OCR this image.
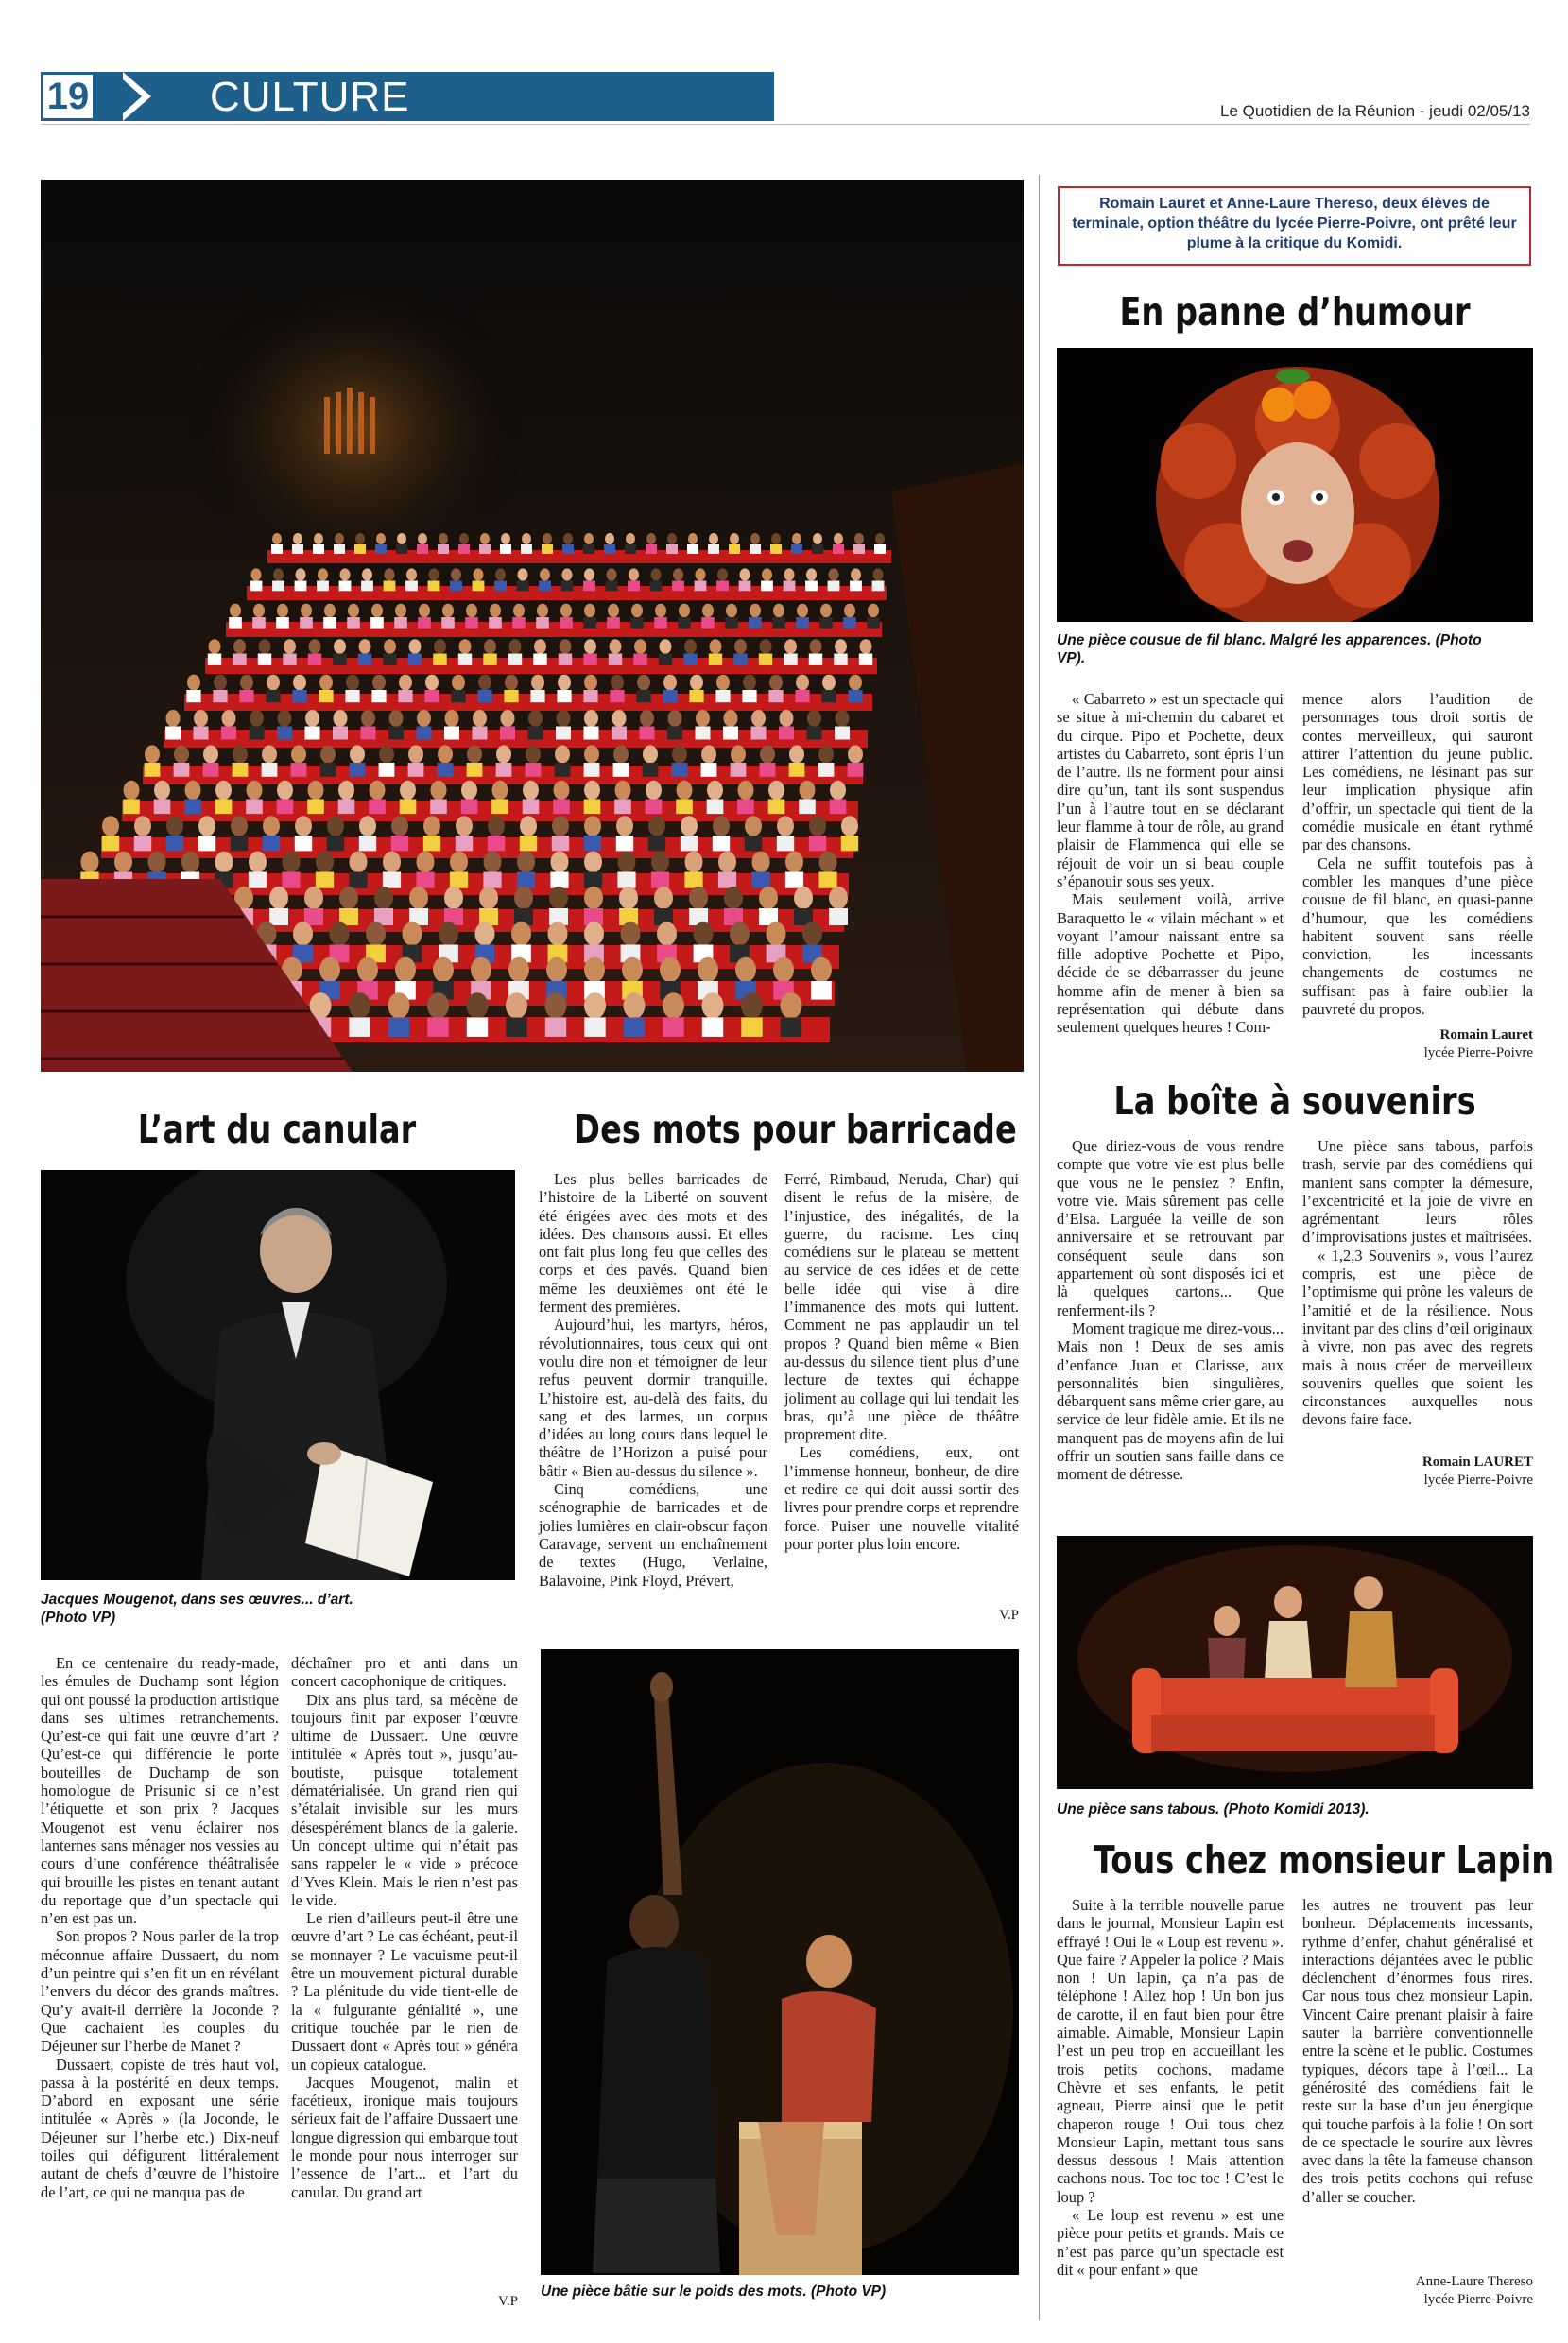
19	CULTURE	Le Quotidien de la Réunion - jeudi 02/05/13
L’art du canular
Jacques Mougenot, dans ses œuvres... d’art. (Photo VP)

En ce centenaire du ready-made, les émules de Duchamp sont légion qui ont poussé la production artistique dans ses ultimes retranchements. Qu’est-ce qui fait une œuvre d’art ? Qu’est-ce qui différencie le porte bouteilles de Duchamp de son homologue de Prisunic si ce n’est l’étiquette et son prix ? Jacques Mougenot est venu éclairer nos lanternes sans ménager nos vessies au cours d’une conférence théâtralisée qui brouille les pistes en tenant autant du reportage que d’un spectacle qui n’en est pas un.

Son propos ? Nous parler de la trop méconnue affaire Dussaert, du nom d’un peintre qui s’en fit un en révélant l’envers du décor des grands maîtres. Qu’y avait-il derrière la Joconde ? Que cachaient les couples du Déjeuner sur l’herbe de Manet ?

Dussaert, copiste de très haut vol, passa à la postérité en deux temps. D’abord en exposant une série intitulée « Après » (la Joconde, le Déjeuner sur l’herbe etc.) Dix-neuf toiles qui défigurent littéralement autant de chefs d’œuvre de l’histoire de l’art, ce qui ne manqua pas de

déchaîner pro et anti dans un concert cacophonique de critiques.

Dix ans plus tard, sa mécène de toujours finit par exposer l’œuvre ultime de Dussaert. Une œuvre intitulée « Après tout », jusqu’au-boutiste, puisque totalement dématérialisée. Un grand rien qui s’étalait invisible sur les murs désespérément blancs de la galerie. Un concept ultime qui n’était pas sans rappeler le « vide » précoce d’Yves Klein. Mais le rien n’est pas le vide.

Le rien d’ailleurs peut-il être une œuvre d’art ? Le cas échéant, peut-il se monnayer ? Le vacuisme peut-il être un mouvement pictural durable ? La plénitude du vide tient-elle de la « fulgurante génialité », une critique touchée par le rien de Dussaert dont « Après tout » généra un copieux catalogue.

Jacques Mougenot, malin et facétieux, ironique mais toujours sérieux fait de l’affaire Dussaert une longue digression qui embarque tout le monde pour nous interroger sur l’essence de l’art... et l’art du canular. Du grand art

V.P
Des mots pour barricade

Les plus belles barricades de l’histoire de la Liberté on souvent été érigées avec des mots et des idées. Des chansons aussi. Et elles ont fait plus long feu que celles des corps et des pavés. Quand bien même les deuxièmes ont été le ferment des premières.

Aujourd’hui, les martyrs, héros, révolutionnaires, tous ceux qui ont voulu dire non et témoigner de leur refus peuvent dormir tranquille. L’histoire est, au-delà des faits, du sang et des larmes, un corpus d’idées au long cours dans lequel le théâtre de l’Horizon a puisé pour bâtir « Bien au-dessus du silence ».

Cinq comédiens, une scénographie de barricades et de jolies lumières en clair-obscur façon Caravage, servent un enchaînement de textes (Hugo, Verlaine, Balavoine, Pink Floyd, Prévert,

Ferré, Rimbaud, Neruda, Char) qui disent le refus de la misère, de l’injustice, des inégalités, de la guerre, du racisme. Les cinq comédiens sur le plateau se mettent au service de ces idées et de cette belle idée qui vise à dire l’immanence des mots qui luttent. Comment ne pas applaudir un tel propos ? Quand bien même « Bien au-dessus du silence tient plus d’une lecture de textes qui échappe joliment au collage qui lui tendait les bras, qu’à une pièce de théâtre proprement dite.

Les comédiens, eux, ont l’immense honneur, bonheur, de dire et redire ce qui doit aussi sortir des livres pour prendre corps et reprendre force. Puiser une nouvelle vitalité pour porter plus loin encore.

V.P
Une pièce bâtie sur le poids des mots. (Photo VP)
Romain Lauret et Anne-Laure Thereso, deux élèves de terminale, option théâtre du lycée Pierre-Poivre, ont prêté leur plume à la critique du Komidi.
En panne d’humour
Une pièce cousue de fil blanc. Malgré les apparences. (Photo VP).

« Cabarreto » est un spectacle qui se situe à mi-chemin du cabaret et du cirque. Pipo et Pochette, deux artistes du Cabarreto, sont épris l’un de l’autre. Ils ne forment pour ainsi dire qu’un, tant ils sont suspendus l’un à l’autre tout en se déclarant leur flamme à tour de rôle, au grand plaisir de Flammenca qui elle se réjouit de voir un si beau couple s’épanouir sous ses yeux.

Mais seulement voilà, arrive Baraquetto le « vilain méchant » et voyant l’amour naissant entre sa fille adoptive Pochette et Pipo, décide de se débarrasser du jeune homme afin de mener à bien sa représentation qui débute dans seulement quelques heures ! Com-

mence alors l’audition de personnages tous droit sortis de contes merveilleux, qui sauront attirer l’attention du jeune public. Les comédiens, ne lésinant pas sur leur implication physique afin d’offrir, un spectacle qui tient de la comédie musicale en étant rythmé par des chansons.

Cela ne suffit toutefois pas à combler les manques d’une pièce cousue de fil blanc, en quasi-panne d’humour, que les comédiens habitent souvent sans réelle conviction, les incessants changements de costumes ne suffisant pas à faire oublier la pauvreté du propos.

Romain Lauret
lycée Pierre-Poivre
La boîte à souvenirs

Que diriez-vous de vous rendre compte que votre vie est plus belle que vous ne le pensiez ? Enfin, votre vie. Mais sûrement pas celle d’Elsa. Larguée la veille de son anniversaire et se retrouvant par conséquent seule dans son appartement où sont disposés ici et là quelques cartons... Que renferment-ils ?

Moment tragique me direz-vous... Mais non ! Deux de ses amis d’enfance Juan et Clarisse, aux personnalités bien singulières, débarquent sans même crier gare, au service de leur fidèle amie. Et ils ne manquent pas de moyens afin de lui offrir un soutien sans faille dans ce moment de détresse.

Une pièce sans tabous, parfois trash, servie par des comédiens qui manient sans compter la démesure, l’excentricité et la joie de vivre en agrémentant leurs rôles d’improvisations justes et maîtrisées.

« 1,2,3 Souvenirs », vous l’aurez compris, est une pièce de l’optimisme qui prône les valeurs de l’amitié et de la résilience. Nous invitant par des clins d’œil originaux à vivre, non pas avec des regrets mais à nous créer de merveilleux souvenirs quelles que soient les circonstances auxquelles nous devons faire face.

Romain LAURET
lycée Pierre-Poivre
Une pièce sans tabous. (Photo Komidi 2013).
Tous chez monsieur Lapin

Suite à la terrible nouvelle parue dans le journal, Monsieur Lapin est effrayé ! Oui le « Loup est revenu ». Que faire ? Appeler la police ? Mais non ! Un lapin, ça n’a pas de téléphone ! Allez hop ! Un bon jus de carotte, il en faut bien pour être aimable. Aimable, Monsieur Lapin l’est un peu trop en accueillant les trois petits cochons, madame Chèvre et ses enfants, le petit agneau, Pierre ainsi que le petit chaperon rouge ! Oui tous chez Monsieur Lapin, mettant tous sans dessus dessous ! Mais attention cachons nous. Toc toc toc ! C’est le loup ?

« Le loup est revenu » est une pièce pour petits et grands. Mais ce n’est pas parce qu’un spectacle est dit « pour enfant » que

les autres ne trouvent pas leur bonheur. Déplacements incessants, rythme d’enfer, chahut généralisé et interactions déjantées avec le public déclenchent d’énormes fous rires. Car nous tous chez monsieur Lapin. Vincent Caire prenant plaisir à faire sauter la barrière conventionnelle entre la scène et le public. Costumes typiques, décors tape à l’œil... La générosité des comédiens fait le reste sur la base d’un jeu énergique qui touche parfois à la folie ! On sort de ce spectacle le sourire aux lèvres avec dans la tête la fameuse chanson des trois petits cochons qui refuse d’aller se coucher.

Anne-Laure Thereso
lycée Pierre-Poivre
